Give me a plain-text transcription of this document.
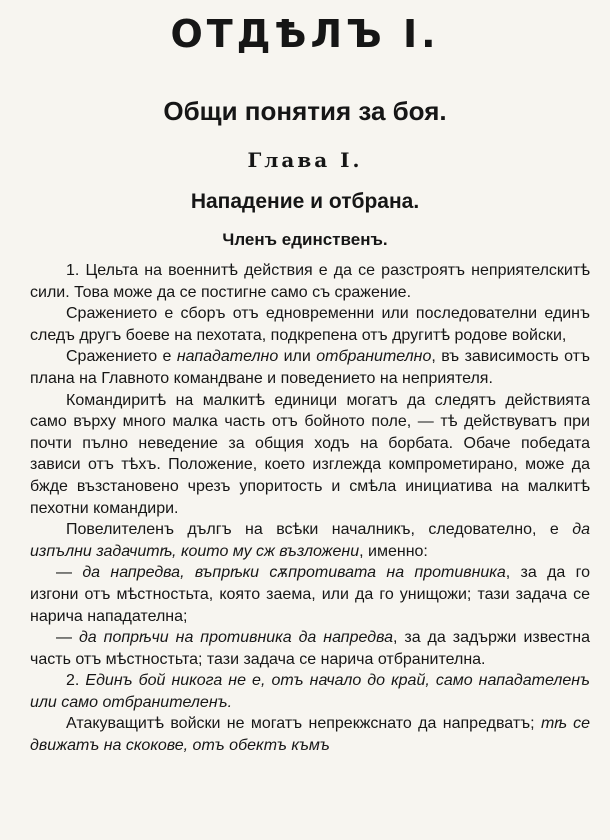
ОТДѢЛЪ I.
Общи понятия за боя.
Глава I.
Нападение и отбрана.
Членъ единственъ.

1. Цельта на военнитѣ действия е да се разстроятъ неприятелскитѣ сили. Това може да се постигне само съ сражение.

Сражението е сборъ отъ едновременни или последователни единъ следъ другъ боеве на пехотата, подкрепена отъ другитѣ родове войски,

Сражението е нападателно или отбранително, въ зависимость отъ плана на Главното командване и поведението на неприятеля.

Командиритѣ на малкитѣ единици могатъ да следятъ действията само върху много малка часть отъ бойното поле, — тѣ действуватъ при почти пълно неведение за общия ходъ на борбата. Обаче победата зависи отъ тѣхъ. Положение, което изглежда компрометирано, може да бжде възстановено чрезъ упоритость и смѣла инициатива на малкитѣ пехотни командири.

Повелителенъ дългъ на всѣки началникъ, следователно, е да изпълни задачитѣ, които му сж възложени, именно:

— да напредва, въпрѣки сѫпротивата на противника, за да го изгони отъ мѣстностьта, която заема, или да го унищожи; тази задача се нарича нападателна;

— да попрѣчи на противника да напредва, за да задържи известна часть отъ мѣстностьта; тази задача се нарича отбранителна.

2. Единъ бой никога не е, отъ начало до край, само нападателенъ или само отбранителенъ.

Атакуващитѣ войски не могатъ непрекжснато да напредватъ; тѣ се движатъ на скокове, отъ обектъ къмъ
